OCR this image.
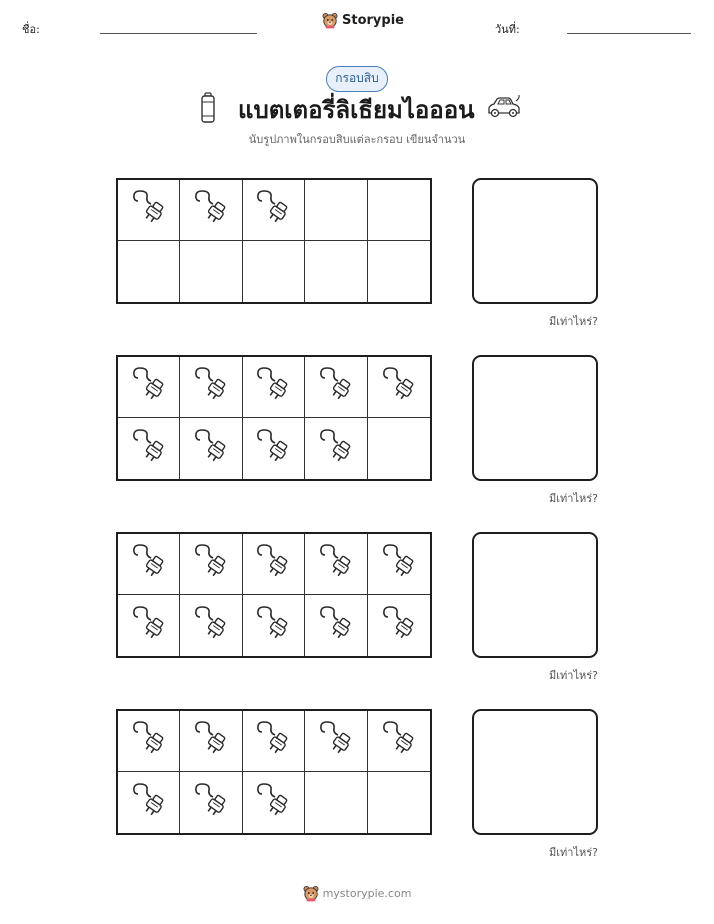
ชื่อ:
Storypie
วันที่:
กรอบสิบ
แบตเตอรี่ลิเธียมไอออน
นับรูปภาพในกรอบสิบแต่ละกรอบ เขียนจำนวน
มีเท่าไหร่?
มีเท่าไหร่?
มีเท่าไหร่?
มีเท่าไหร่?
mystorypie.com
